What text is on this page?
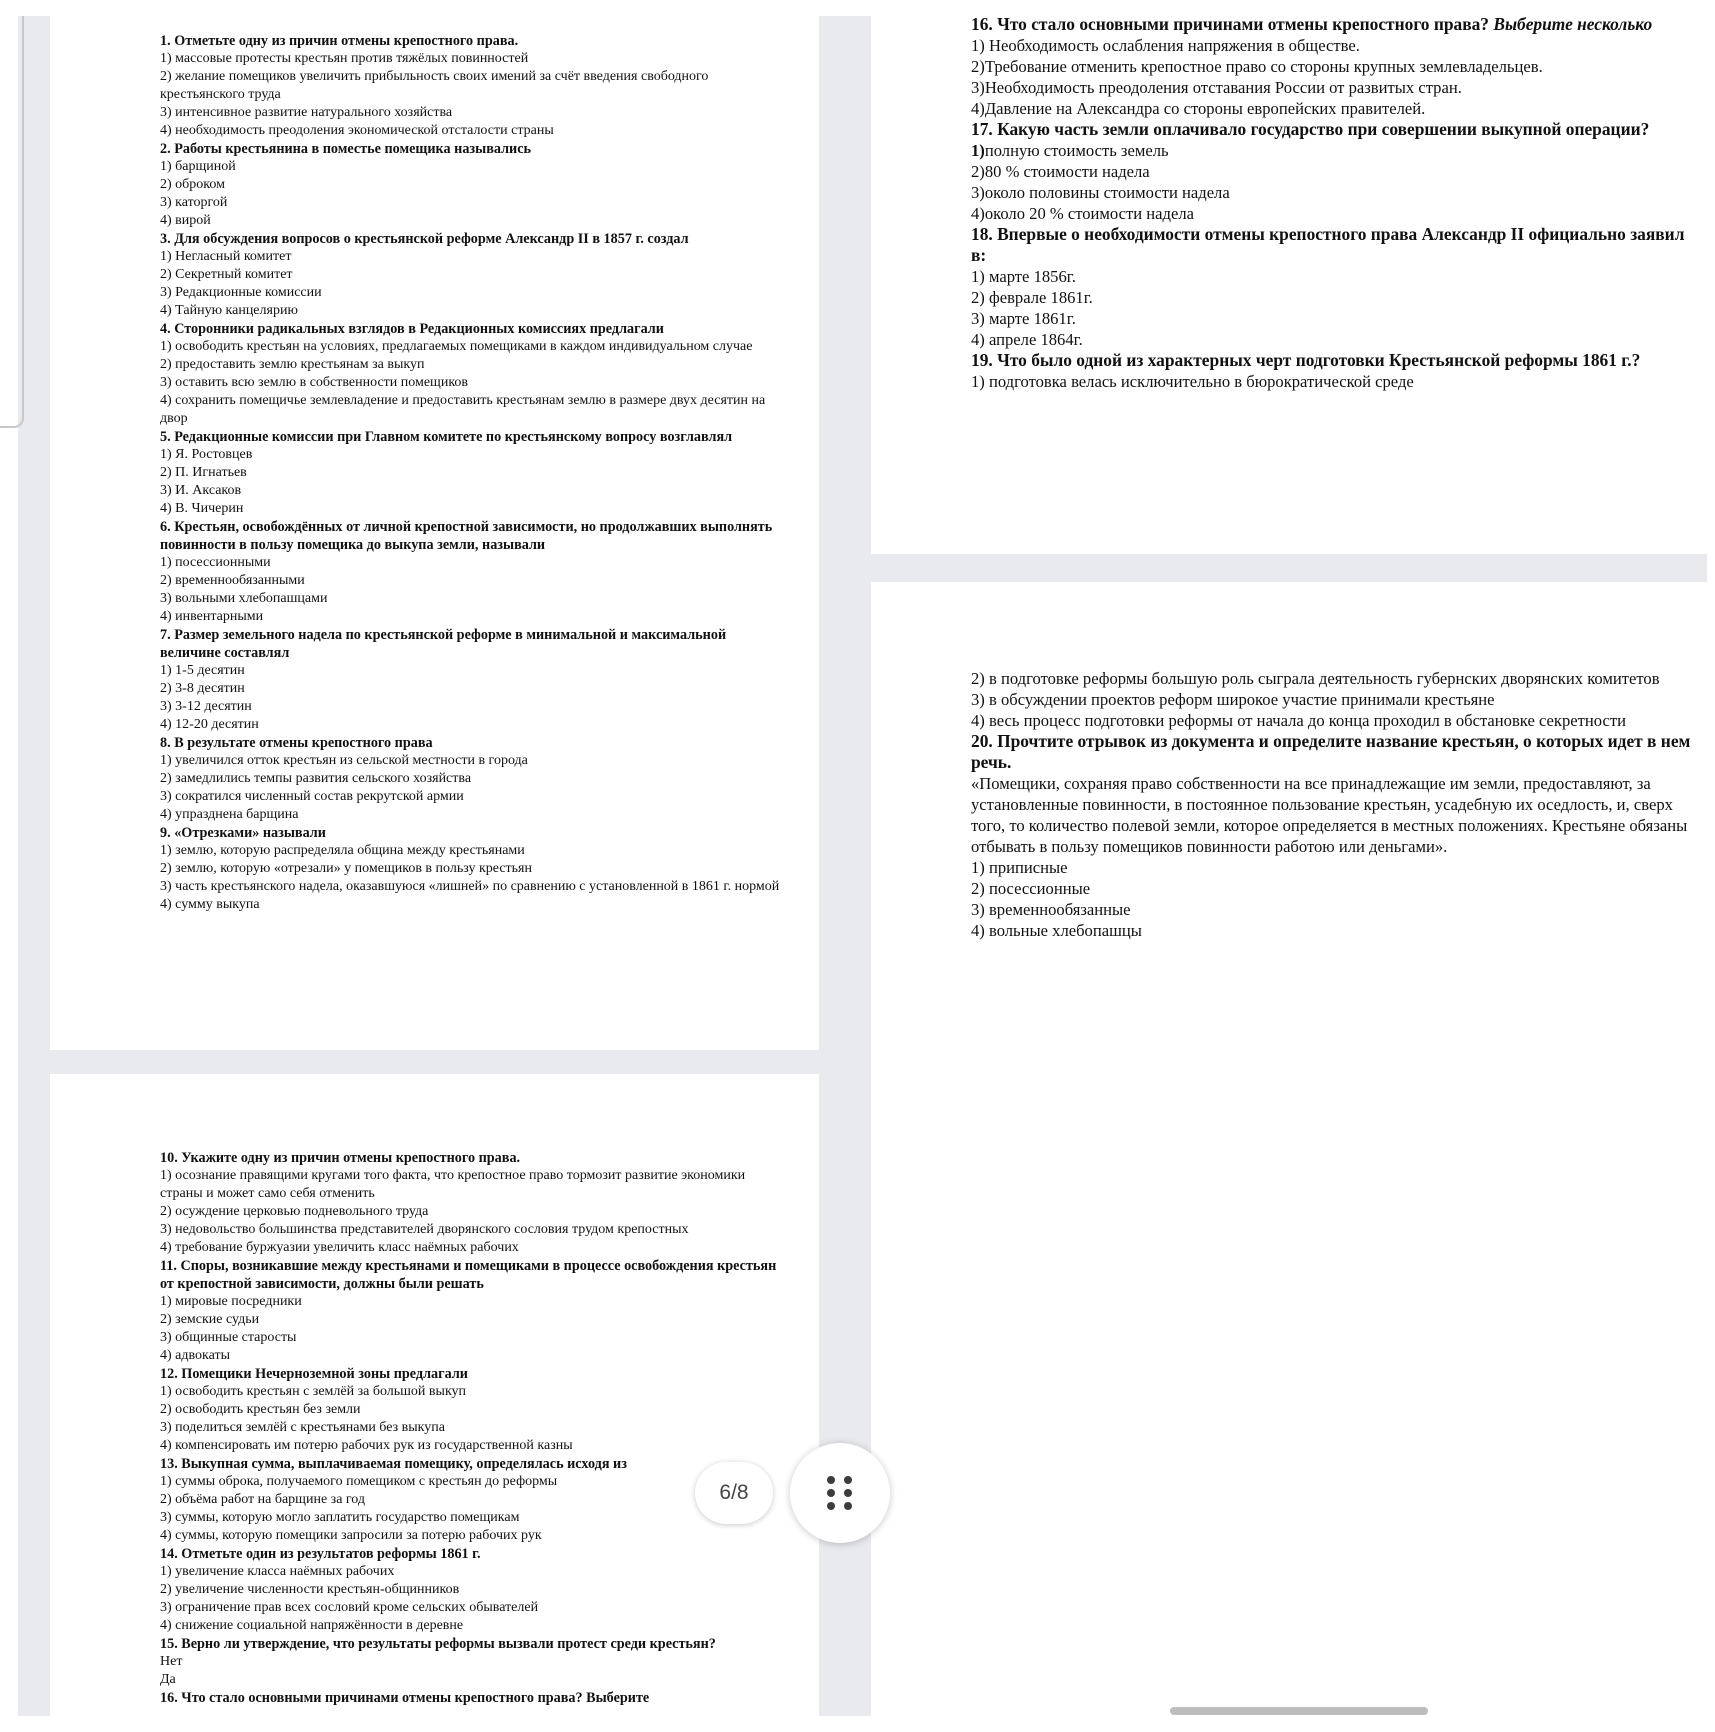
1. Отметьте одну из причин отмены крепостного права.
1) массовые протесты крестьян против тяжёлых повинностей
2) желание помещиков увеличить прибыльность своих имений за счёт введения свободного крестьянского труда
3) интенсивное развитие натурального хозяйства
4) необходимость преодоления экономической отсталости страны
2. Работы крестьянина в поместье помещика назывались
1) барщиной
2) оброком
3) каторгой
4) вирой
3. Для обсуждения вопросов о крестьянской реформе Александр II в 1857 г. создал
1) Негласный комитет
2) Секретный комитет
3) Редакционные комиссии
4) Тайную канцелярию
4. Сторонники радикальных взглядов в Редакционных комиссиях предлагали
1) освободить крестьян на условиях, предлагаемых помещиками в каждом индивидуальном случае
2) предоставить землю крестьянам за выкуп
3) оставить всю землю в собственности помещиков
4) сохранить помещичье землевладение и предоставить крестьянам землю в размере двух десятин на двор
5. Редакционные комиссии при Главном комитете по крестьянскому вопросу возглавлял
1) Я. Ростовцев
2) П. Игнатьев
3) И. Аксаков
4) В. Чичерин
6. Крестьян, освобождённых от личной крепостной зависимости, но продолжавших выполнять повинности в пользу помещика до выкупа земли, называли
1) посессионными
2) временнообязанными
3) вольными хлебопашцами
4) инвентарными
7. Размер земельного надела по крестьянской реформе в минимальной и максимальной величине составлял
1) 1-5 десятин
2) 3-8 десятин
3) 3-12 десятин
4) 12-20 десятин
8. В результате отмены крепостного права
1) увеличился отток крестьян из сельской местности в города
2) замедлились темпы развития сельского хозяйства
3) сократился численный состав рекрутской армии
4) упразднена барщина
9. «Отрезками» называли
1) землю, которую распределяла община между крестьянами
2) землю, которую «отрезали» у помещиков в пользу крестьян
3) часть крестьянского надела, оказавшуюся «лишней» по сравнению с установленной в 1861 г. нормой
4) сумму выкупа
10. Укажите одну из причин отмены крепостного права.
1) осознание правящими кругами того факта, что крепостное право тормозит развитие экономики страны и может само себя отменить
2) осуждение церковью подневольного труда
3) недовольство большинства представителей дворянского сословия трудом крепостных
4) требование буржуазии увеличить класс наёмных рабочих
11. Споры, возникавшие между крестьянами и помещиками в процессе освобождения крестьян от крепостной зависимости, должны были решать
1) мировые посредники
2) земские судьи
3) общинные старосты
4) адвокаты
12. Помещики Нечерноземной зоны предлагали
1) освободить крестьян с землёй за большой выкуп
2) освободить крестьян без земли
3) поделиться землёй с крестьянами без выкупа
4) компенсировать им потерю рабочих рук из государственной казны
13. Выкупная сумма, выплачиваемая помещику, определялась исходя из
1) суммы оброка, получаемого помещиком с крестьян до реформы
2) объёма работ на барщине за год
3) суммы, которую могло заплатить государство помещикам
4) суммы, которую помещики запросили за потерю рабочих рук
14. Отметьте один из результатов реформы 1861 г.
1) увеличение класса наёмных рабочих
2) увеличение численности крестьян-общинников
3) ограничение прав всех сословий кроме сельских обывателей
4) снижение социальной напряжённости в деревне
15. Верно ли утверждение, что результаты реформы вызвали протест среди крестьян?
Нет
Да
16. Что стало основными причинами отмены крепостного права? Выберите
16. Что стало основными причинами отмены крепостного права? Выберите несколько
1) Необходимость ослабления напряжения в обществе.
2)Требование отменить крепостное право со стороны крупных землевладельцев.
3)Необходимость преодоления отставания России от развитых стран.
4)Давление на Александра со стороны европейских правителей.
17. Какую часть земли оплачивало государство при совершении выкупной операции?
1)полную стоимость земель
2)80 % стоимости надела
3)около половины стоимости надела
4)около 20 % стоимости надела
18. Впервые о необходимости отмены крепостного права Александр II официально заявил в:
1) марте 1856г.
2) феврале 1861г.
3) марте 1861г.
4) апреле 1864г.
19. Что было одной из характерных черт подготовки Крестьянской реформы 1861 г.?
1) подготовка велась исключительно в бюрократической среде
2) в подготовке реформы большую роль сыграла деятельность губернских дворянских комитетов
3) в обсуждении проектов реформ широкое участие принимали крестьяне
4) весь процесс подготовки реформы от начала до конца проходил в обстановке секретности
20. Прочтите отрывок из документа и определите название крестьян, о которых идет в нем речь.
«Помещики, сохраняя право собственности на все принадлежащие им земли, предоставляют, за установленные повинности, в постоянное пользование крестьян, усадебную их оседлость, и, сверх того, то количество полевой земли, которое определяется в местных положениях. Крестьяне обязаны отбывать в пользу помещиков повинности работою или деньгами».
1) приписные
2) посессионные
3) временнообязанные
4) вольные хлебопашцы
6/8
